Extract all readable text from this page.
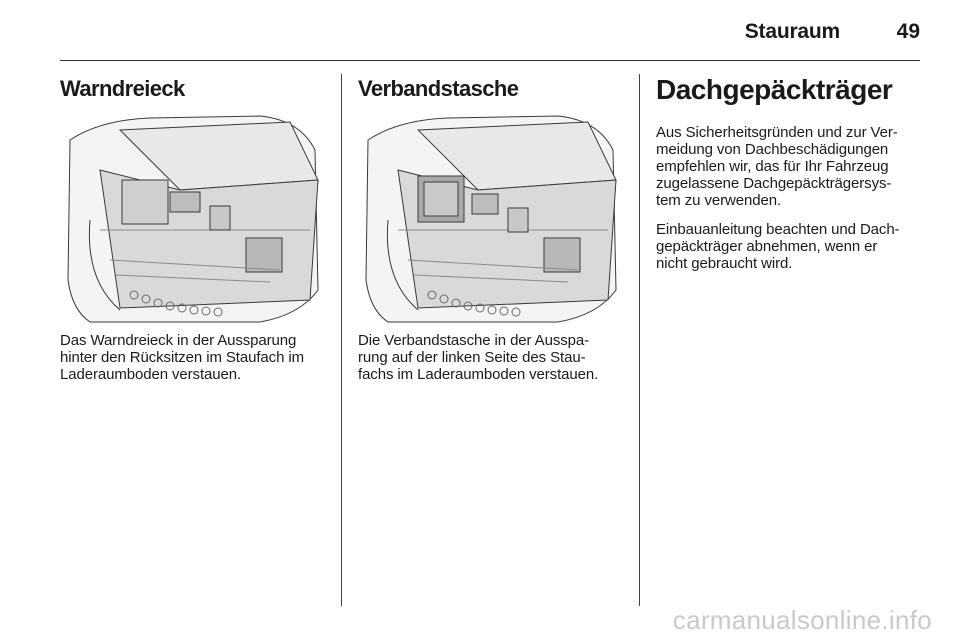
Stauraum	49
Warndreieck

Das Warndreieck in der Aussparung hinter den Rücksitzen im Staufach im Laderaumboden verstauen.

Verbandstasche

Die Verbandstasche in der Ausspa-
rung auf der linken Seite des Stau-
fachs im Laderaumboden verstauen.

Dachgepäckträger

Aus Sicherheitsgründen und zur Ver-
meidung von Dachbeschädigungen
empfehlen wir, das für Ihr Fahrzeug
zugelassene Dachgepäckträgersys-
tem zu verwenden.

Einbauanleitung beachten und Dach-
gepäckträger abnehmen, wenn er
nicht gebraucht wird.

carmanualsonline.info
